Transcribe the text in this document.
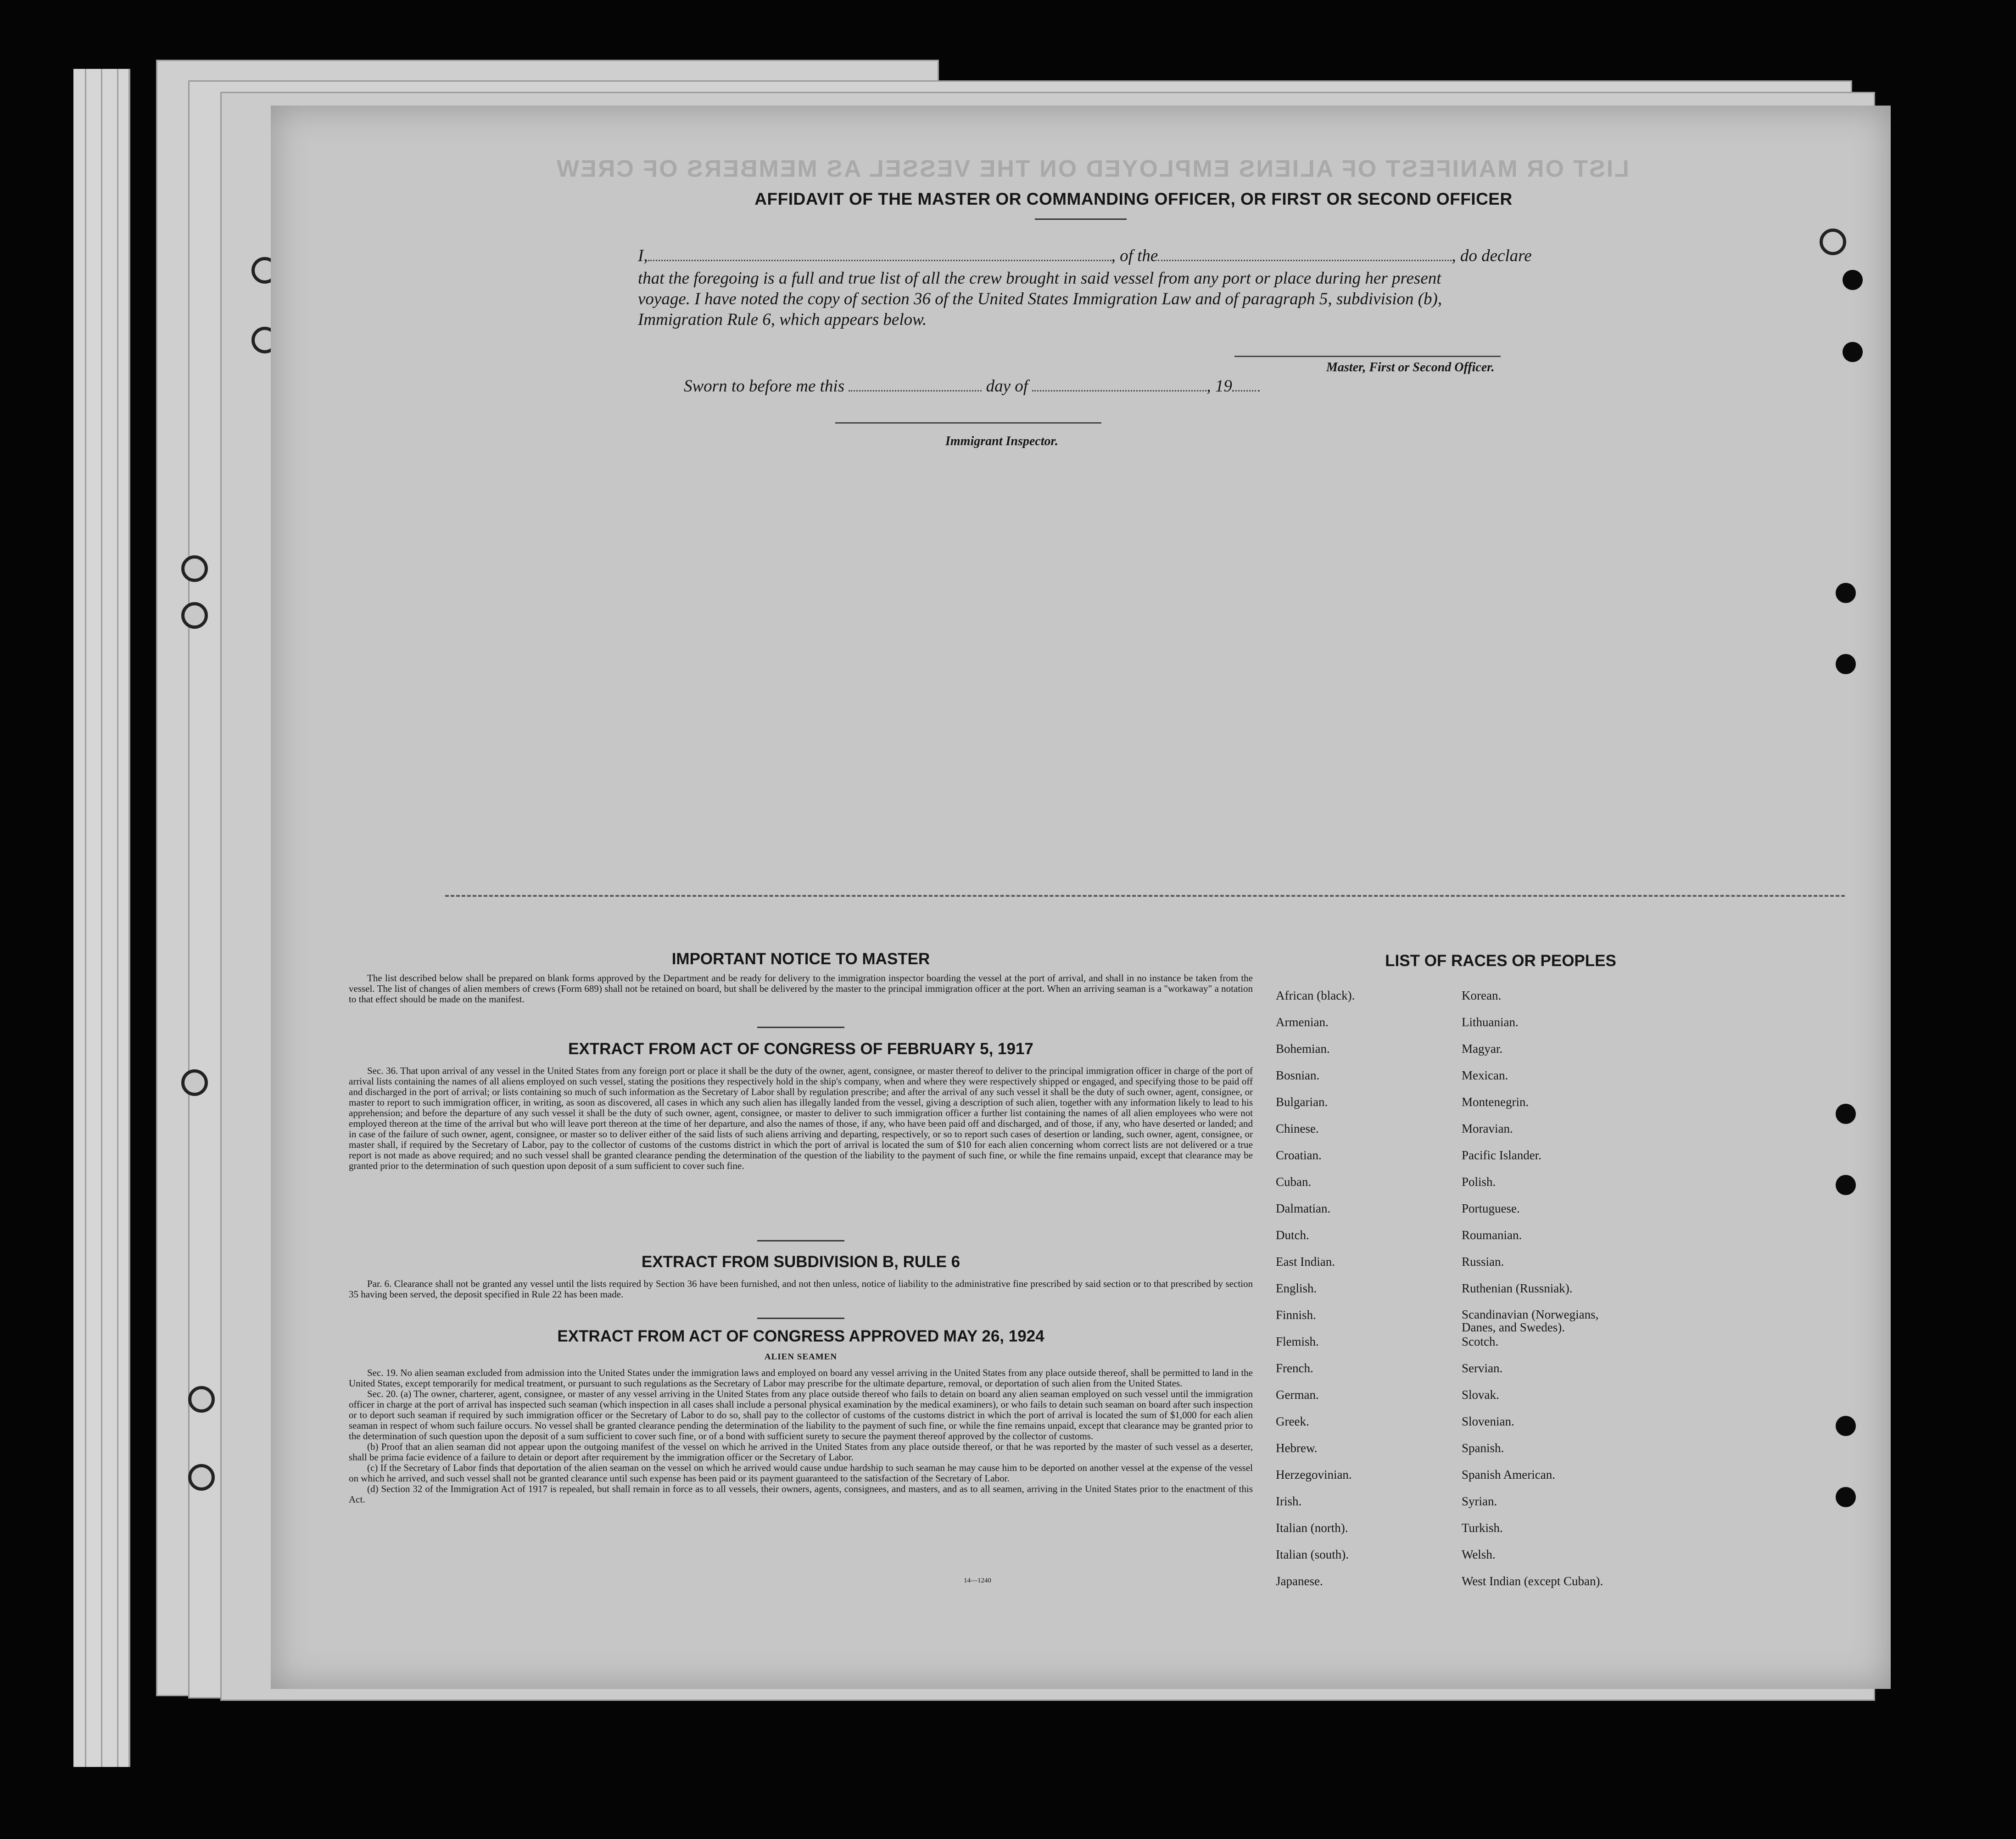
LIST OR MANIFEST OF ALIENS EMPLOYED ON THE VESSEL AS MEMBERS OF CREW
AFFIDAVIT OF THE MASTER OR COMMANDING OFFICER, OR FIRST OR SECOND OFFICER
I,	, of the	, do declare
that the foregoing is a full and true list of all the crew brought in said vessel from any port or place during her present
voyage. I have noted the copy of section 36 of the United States Immigration Law and of paragraph 5, subdivision (b),
Immigration Rule 6, which appears below.
Master, First or Second Officer.
Sworn to before me this	day of	, 19
Immigrant Inspector.
IMPORTANT NOTICE TO MASTER
The list described below shall be prepared on blank forms approved by the Department and be ready for delivery to the immigration inspector boarding the vessel at the port of arrival, and shall in no instance be taken from the vessel. The list of changes of alien members of crews (Form 689) shall not be retained on board, but shall be delivered by the master to the principal immigration officer at the port. When an arriving seaman is a "workaway" a notation to that effect should be made on the manifest.
EXTRACT FROM ACT OF CONGRESS OF FEBRUARY 5, 1917
Sec. 36. That upon arrival of any vessel in the United States from any foreign port or place it shall be the duty of the owner, agent, consignee, or master thereof to deliver to the principal immigration officer in charge of the port of arrival lists containing the names of all aliens employed on such vessel, stating the positions they respectively hold in the ship's company, when and where they were respectively shipped or engaged, and specifying those to be paid off and discharged in the port of arrival; or lists containing so much of such information as the Secretary of Labor shall by regulation prescribe; and after the arrival of any such vessel it shall be the duty of such owner, agent, consignee, or master to report to such immigration officer, in writing, as soon as discovered, all cases in which any such alien has illegally landed from the vessel, giving a description of such alien, together with any information likely to lead to his apprehension; and before the departure of any such vessel it shall be the duty of such owner, agent, consignee, or master to deliver to such immigration officer a further list containing the names of all alien employees who were not employed thereon at the time of the arrival but who will leave port thereon at the time of her departure, and also the names of those, if any, who have been paid off and discharged, and of those, if any, who have deserted or landed; and in case of the failure of such owner, agent, consignee, or master so to deliver either of the said lists of such aliens arriving and departing, respectively, or so to report such cases of desertion or landing, such owner, agent, consignee, or master shall, if required by the Secretary of Labor, pay to the collector of customs of the customs district in which the port of arrival is located the sum of $10 for each alien concerning whom correct lists are not delivered or a true report is not made as above required; and no such vessel shall be granted clearance pending the determination of the question of the liability to the payment of such fine, or while the fine remains unpaid, except that clearance may be granted prior to the determination of such question upon deposit of a sum sufficient to cover such fine.
EXTRACT FROM SUBDIVISION B, RULE 6
Par. 6. Clearance shall not be granted any vessel until the lists required by Section 36 have been furnished, and not then unless, notice of liability to the administrative fine prescribed by said section or to that prescribed by section 35 having been served, the deposit specified in Rule 22 has been made.
EXTRACT FROM ACT OF CONGRESS APPROVED MAY 26, 1924
ALIEN SEAMEN
Sec. 19. No alien seaman excluded from admission into the United States under the immigration laws and employed on board any vessel arriving in the United States from any place outside thereof, shall be permitted to land in the United States, except temporarily for medical treatment, or pursuant to such regulations as the Secretary of Labor may prescribe for the ultimate departure, removal, or deportation of such alien from the United States.
Sec. 20. (a) The owner, charterer, agent, consignee, or master of any vessel arriving in the United States from any place outside thereof who fails to detain on board any alien seaman employed on such vessel until the immigration officer in charge at the port of arrival has inspected such seaman (which inspection in all cases shall include a personal physical examination by the medical examiners), or who fails to detain such seaman on board after such inspection or to deport such seaman if required by such immigration officer or the Secretary of Labor to do so, shall pay to the collector of customs of the customs district in which the port of arrival is located the sum of $1,000 for each alien seaman in respect of whom such failure occurs. No vessel shall be granted clearance pending the determination of the liability to the payment of such fine, or while the fine remains unpaid, except that clearance may be granted prior to the determination of such question upon the deposit of a sum sufficient to cover such fine, or of a bond with sufficient surety to secure the payment thereof approved by the collector of customs.
(b) Proof that an alien seaman did not appear upon the outgoing manifest of the vessel on which he arrived in the United States from any place outside thereof, or that he was reported by the master of such vessel as a deserter, shall be prima facie evidence of a failure to detain or deport after requirement by the immigration officer or the Secretary of Labor.
(c) If the Secretary of Labor finds that deportation of the alien seaman on the vessel on which he arrived would cause undue hardship to such seaman he may cause him to be deported on another vessel at the expense of the vessel on which he arrived, and such vessel shall not be granted clearance until such expense has been paid or its payment guaranteed to the satisfaction of the Secretary of Labor.
(d) Section 32 of the Immigration Act of 1917 is repealed, but shall remain in force as to all vessels, their owners, agents, consignees, and masters, and as to all seamen, arriving in the United States prior to the enactment of this Act.
14—1240
LIST OF RACES OR PEOPLES
African (black).
Armenian.
Bohemian.
Bosnian.
Bulgarian.
Chinese.
Croatian.
Cuban.
Dalmatian.
Dutch.
East Indian.
English.
Finnish.
Flemish.
French.
German.
Greek.
Hebrew.
Herzegovinian.
Irish.
Italian (north).
Italian (south).
Japanese.
Korean.
Lithuanian.
Magyar.
Mexican.
Montenegrin.
Moravian.
Pacific Islander.
Polish.
Portuguese.
Roumanian.
Russian.
Ruthenian (Russniak).
Scandinavian (Norwegians, Danes, and Swedes).
Scotch.
Servian.
Slovak.
Slovenian.
Spanish.
Spanish American.
Syrian.
Turkish.
Welsh.
West Indian (except Cuban).
